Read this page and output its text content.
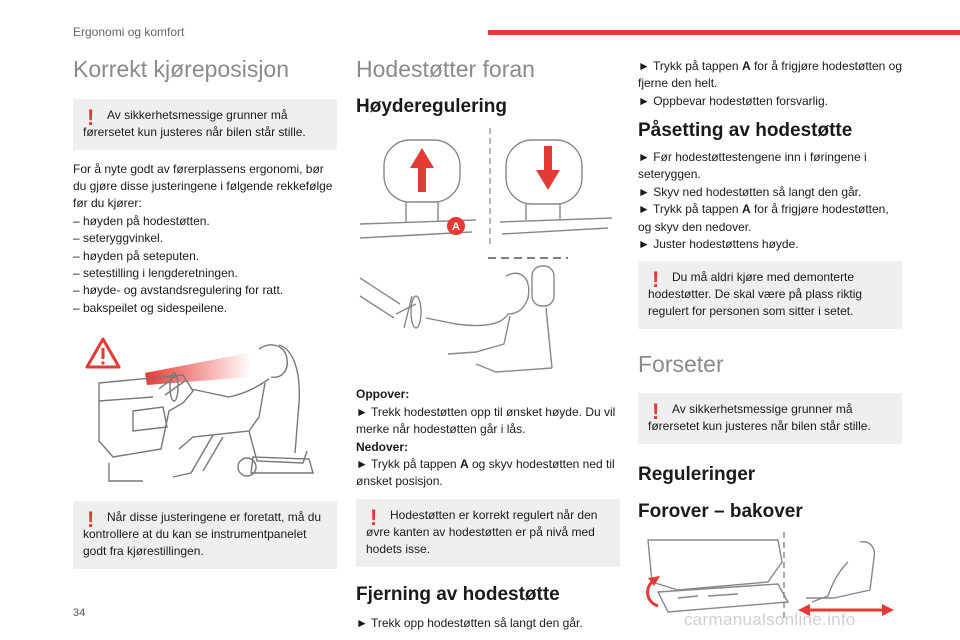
Ergonomi og komfort
Korrekt kjøreposisjon
!	Av sikkerhetsmessige grunner må førersetet kun justeres når bilen står stille.
For å nyte godt av førerplassens ergonomi, bør du gjøre disse justeringene i følgende rekkefølge før du kjører:
– høyden på hodestøtten.
– seteryggvinkel.
– høyden på seteputen.
– setestilling i lengderetningen.
– høyde- og avstandsregulering for ratt.
– bakspeilet og sidespeilene.
!	Når disse justeringene er foretatt, må du kontrollere at du kan se instrumentpanelet godt fra kjørestillingen.
Hodestøtter foran
Høyderegulering
A
Oppover:
► Trekk hodestøtten opp til ønsket høyde. Du vil merke når hodestøtten går i lås.
Nedover:
► Trykk på tappen A og skyv hodestøtten ned til ønsket posisjon.
!	Hodestøtten er korrekt regulert når den øvre kanten av hodestøtten er på nivå med hodets isse.
Fjerning av hodestøtte
► Trekk opp hodestøtten så langt den går.
► Trykk på tappen A for å frigjøre hodestøtten og fjerne den helt.
► Oppbevar hodestøtten forsvarlig.
Påsetting av hodestøtte
► Før hodestøttestengene inn i føringene i seteryggen.
► Skyv ned hodestøtten så langt den går.
► Trykk på tappen A for å frigjøre hodestøtten, og skyv den nedover.
► Juster hodestøttens høyde.
!	Du må aldri kjøre med demonterte hodestøtter. De skal være på plass riktig regulert for personen som sitter i setet.
Forseter
!	Av sikkerhetsmessige grunner må førersetet kun justeres når bilen står stille.
Reguleringer
Forover – bakover
34	carmanualsonline.info
